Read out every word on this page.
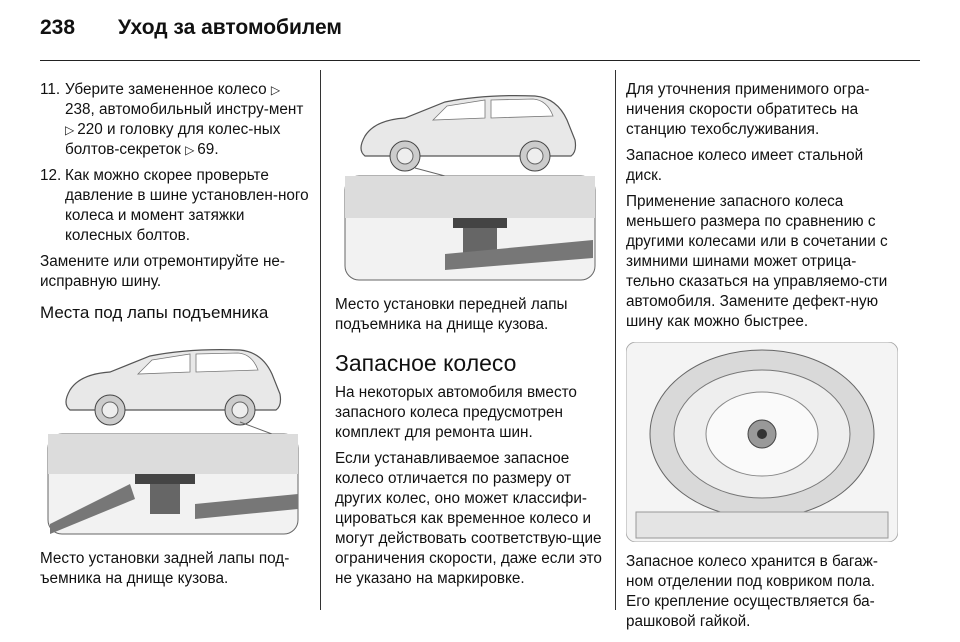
238	Уход за автомобилем
11. Уберите замененное колесо ▷238, автомобильный инстру-мент ▷ 220 и головку для колес-ных болтов-секреток ▷ 69.
12. Как можно скорее проверьте давление в шине установлен-ного колеса и момент затяжки колесных болтов.

Замените или отремонтируйте не-исправную шину.

Места под лапы подъемника

Место установки задней лапы под-ъемника на днище кузова.

Место установки передней лапы подъемника на днище кузова.

Запасное колесо

На некоторых автомобиля вместо запасного колеса предусмотрен комплект для ремонта шин.

Если устанавливаемое запасное колесо отличается по размеру от других колес, оно может классифи-цироваться как временное колесо и могут действовать соответствую-щие ограничения скорости, даже если это не указано на маркировке.

Для уточнения применимого огра-ничения скорости обратитесь на станцию техобслуживания.

Запасное колесо имеет стальной диск.

Применение запасного колеса меньшего размера по сравнению с другими колесами или в сочетании с зимними шинами может отрица-тельно сказаться на управляемо-сти автомобиля. Замените дефект-ную шину как можно быстрее.

Запасное колесо хранится в багаж-ном отделении под ковриком пола. Его крепление осуществляется ба-рашковой гайкой.
